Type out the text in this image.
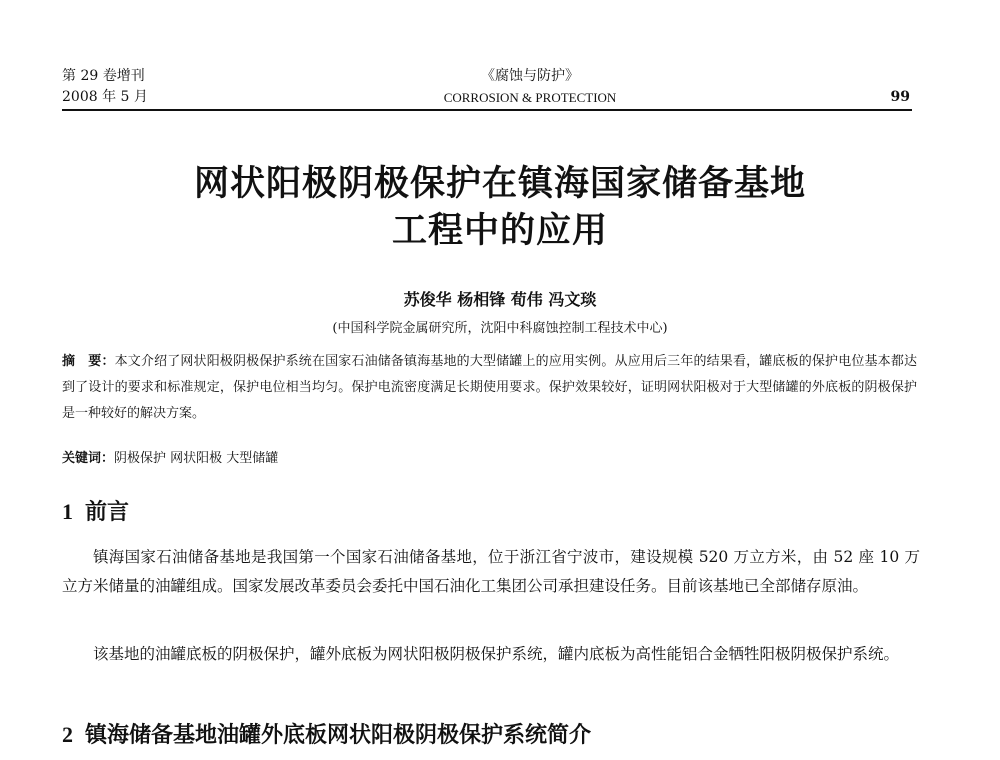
第 29 卷增刊
2008 年 5 月
《腐蚀与防护》
CORROSION & PROTECTION	99
网状阳极阴极保护在镇海国家储备基地
工程中的应用
苏俊华 杨相锋 荀伟 冯文琰
(中国科学院金属研究所，沈阳中科腐蚀控制工程技术中心)
摘　要：本文介绍了网状阳极阴极保护系统在国家石油储备镇海基地的大型储罐上的应用实例。从应用后三年的结果看，罐底板的保护电位基本都达到了设计的要求和标准规定，保护电位相当均匀。保护电流密度满足长期使用要求。保护效果较好，证明网状阳极对于大型储罐的外底板的阴极保护是一种较好的解决方案。
关键词：阴极保护 网状阳极 大型储罐
1 前言
镇海国家石油储备基地是我国第一个国家石油储备基地，位于浙江省宁波市，建设规模 520 万立方米，由 52 座 10 万立方米储量的油罐组成。国家发展改革委员会委托中国石油化工集团公司承担建设任务。目前该基地已全部储存原油。
该基地的油罐底板的阴极保护，罐外底板为网状阳极阴极保护系统，罐内底板为高性能铝合金牺牲阳极阴极保护系统。
2 镇海储备基地油罐外底板网状阳极阴极保护系统简介
